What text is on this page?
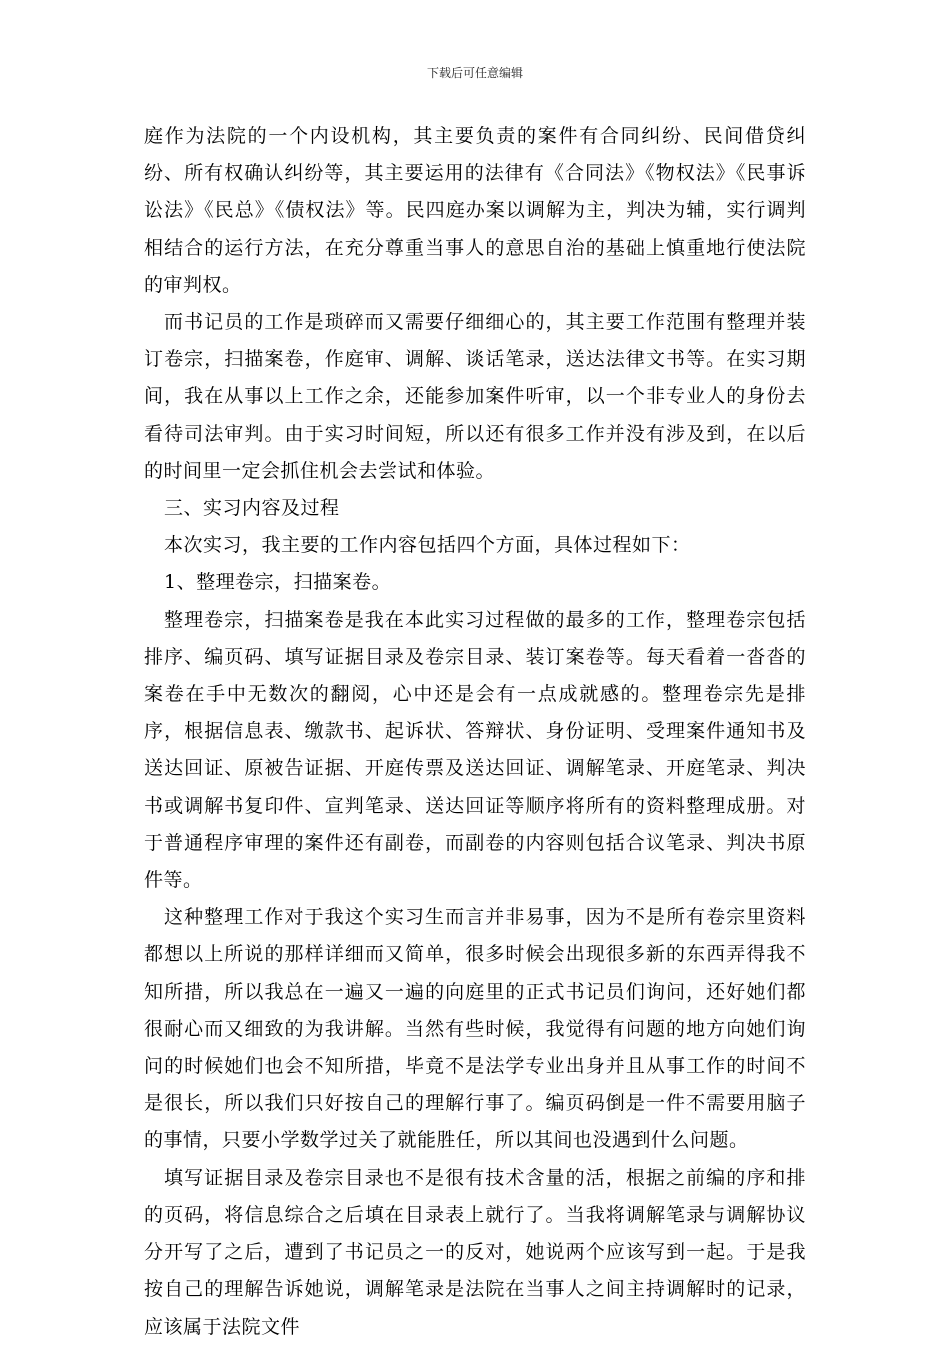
下载后可任意编辑

庭作为法院的一个内设机构，其主要负责的案件有合同纠纷、民间借贷纠纷、所有权确认纠纷等，其主要运用的法律有《合同法》《物权法》《民事诉讼法》《民总》《债权法》等。民四庭办案以调解为主，判决为辅，实行调判相结合的运行方法，在充分尊重当事人的意思自治的基础上慎重地行使法院的审判权。

而书记员的工作是琐碎而又需要仔细细心的，其主要工作范围有整理并装订卷宗，扫描案卷，作庭审、调解、谈话笔录，送达法律文书等。在实习期间，我在从事以上工作之余，还能参加案件听审，以一个非专业人的身份去看待司法审判。由于实习时间短，所以还有很多工作并没有涉及到，在以后的时间里一定会抓住机会去尝试和体验。

三、实习内容及过程

本次实习，我主要的工作内容包括四个方面，具体过程如下：

1、整理卷宗，扫描案卷。

整理卷宗，扫描案卷是我在本此实习过程做的最多的工作，整理卷宗包括排序、编页码、填写证据目录及卷宗目录、装订案卷等。每天看着一沓沓的案卷在手中无数次的翻阅，心中还是会有一点成就感的。整理卷宗先是排序，根据信息表、缴款书、起诉状、答辩状、身份证明、受理案件通知书及送达回证、原被告证据、开庭传票及送达回证、调解笔录、开庭笔录、判决书或调解书复印件、宣判笔录、送达回证等顺序将所有的资料整理成册。对于普通程序审理的案件还有副卷，而副卷的内容则包括合议笔录、判决书原件等。

这种整理工作对于我这个实习生而言并非易事，因为不是所有卷宗里资料都想以上所说的那样详细而又简单，很多时候会出现很多新的东西弄得我不知所措，所以我总在一遍又一遍的向庭里的正式书记员们询问，还好她们都很耐心而又细致的为我讲解。当然有些时候，我觉得有问题的地方向她们询问的时候她们也会不知所措，毕竟不是法学专业出身并且从事工作的时间不是很长，所以我们只好按自己的理解行事了。编页码倒是一件不需要用脑子的事情，只要小学数学过关了就能胜任，所以其间也没遇到什么问题。

填写证据目录及卷宗目录也不是很有技术含量的活，根据之前编的序和排的页码，将信息综合之后填在目录表上就行了。当我将调解笔录与调解协议分开写了之后，遭到了书记员之一的反对，她说两个应该写到一起。于是我按自己的理解告诉她说，调解笔录是法院在当事人之间主持调解时的记录，应该属于法院文件
